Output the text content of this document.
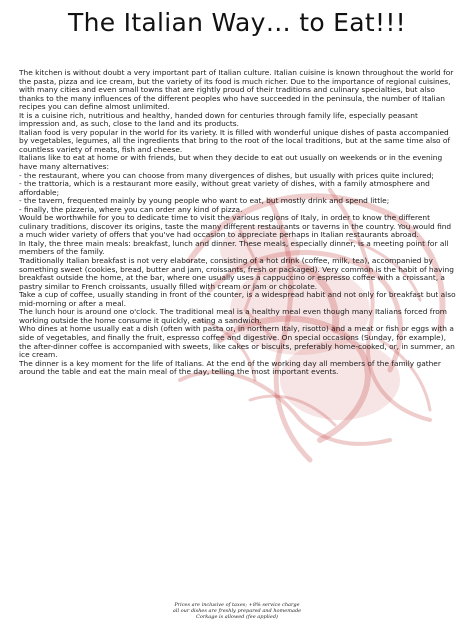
The Italian Way… to Eat!!!

The kitchen is without doubt a very important part of Italian culture. Italian cuisine is known throughout the world for the pasta, pizza and ice cream, but the variety of its food is much richer. Due to the importance of regional cuisines, with many cities and even small towns that are rightly proud of their traditions and culinary specialties, but also thanks to the many influences of the different peoples who have succeeded in the peninsula, the number of Italian recipes you can define almost unlimited.

It is a cuisine rich, nutritious and healthy, handed down for centuries through family life, especially peasant impression and, as such, close to the land and its products.

Italian food is very popular in the world for its variety. It is filled with wonderful unique dishes of pasta accompanied by vegetables, legumes, all the ingredients that bring to the root of the local traditions, but at the same time also of countless variety of meats, fish and cheese.

Italians like to eat at home or with friends, but when they decide to eat out usually on weekends or in the evening have many alternatives:

- the restaurant, where you can choose from many divergences of dishes, but usually with prices quite inclured;

- the trattoria, which is a restaurant more easily, without great variety of dishes, with a family atmosphere and affordable;

- the tavern, frequented mainly by young people who want to eat, but mostly drink and spend little;

- finally, the pizzeria, where you can order any kind of pizza.

Would be worthwhile for you to dedicate time to visit the various regions of Italy, in order to know the different culinary traditions, discover its origins, taste the many different restaurants or taverns in the country. You would find a much wider variety of offers that you've had occasion to appreciate perhaps in Italian restaurants abroad.

In Italy, the three main meals: breakfast, lunch and dinner. These meals, especially dinner, is a meeting point for all members of the family.

Traditionally Italian breakfast is not very elaborate, consisting of a hot drink (coffee, milk, tea), accompanied by something sweet (cookies, bread, butter and jam, croissants, fresh or packaged). Very common is the habit of having breakfast outside the home, at the bar, where one usually uses a cappuccino or espresso coffee with a croissant, a pastry similar to French croissants, usually filled with cream or jam or chocolate.

Take a cup of coffee, usually standing in front of the counter, is a widespread habit and not only for breakfast but also mid-morning or after a meal.

The lunch hour is around one o'clock. The traditional meal is a healthy meal even though many Italians forced from working outside the home consume it quickly, eating a sandwich.

Who dines at home usually eat a dish (often with pasta or, in northern Italy, risotto) and a meat or fish or eggs with a side of vegetables, and finally the fruit, espresso coffee and digestive. On special occasions (Sunday, for example), the after-dinner coffee is accompanied with sweets, like cakes or biscuits, preferably home-cooked, or, in summer, an ice cream.

The dinner is a key moment for the life of Italians. At the end of the working day all members of the family gather around the table and eat the main meal of the day, telling the most important events.

Prices are inclusive of taxes; +8% service charge
all our dishes are freshly prepared and homemade
Corkage is allowed (fee applied)
